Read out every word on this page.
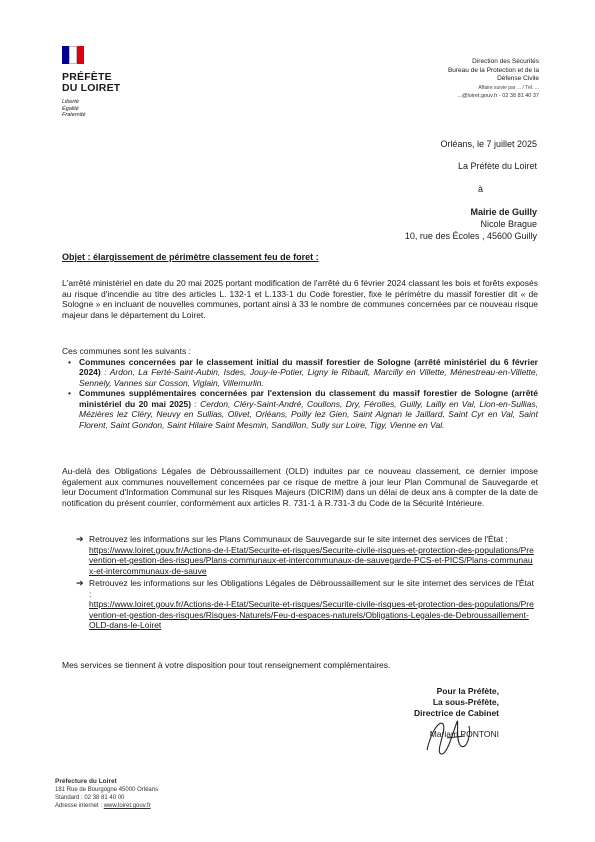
PRÉFÈTE
DU LOIRET
Liberté
Égalité
Fraternité
Direction des Sécurités
Bureau de la Protection et de la Défense Civile
Affaire suivie par ... / Tél. ...
...@loiret.gouv.fr - 02 38 81 40 37
Orléans, le 7 juillet 2025
La Préfète du Loiret
à
Mairie de Guilly
Nicole Brague
10, rue des Écoles , 45600 Guilly
Objet : élargissement de périmètre classement feu de foret :
L'arrêté ministériel en date du 20 mai 2025 portant modification de l'arrêté du 6 février 2024 classant les bois et forêts exposés au risque d'incendie au titre des articles L. 132-1 et L.133-1 du Code forestier, fixe le périmètre du massif forestier dit « de Sologne » en incluant de nouvelles communes, portant ainsi à 33 le nombre de communes concernées par ce nouveau risque majeur dans le département du Loiret.
Ces communes sont les suivants :
• Communes concernées par le classement initial du massif forestier de Sologne (arrêté ministériel du 6 février 2024) : Ardon, La Ferté-Saint-Aubin, Isdes, Jouy-le-Potier, Ligny le Ribault, Marcilly en Villette, Ménestreau-en-Villette, Sennely, Vannes sur Cosson, Viglain, Villemurlin.
• Communes supplémentaires concernées par l'extension du classement du massif forestier de Sologne (arrêté ministériel du 20 mai 2025) : Cerdon, Cléry-Saint-André, Coullons, Dry, Férolles, Guilly, Lailly en Val, Lion-en-Sullias, Mézières lez Cléry, Neuvy en Sullias, Olivet, Orléans, Poilly lez Gien, Saint Aignan le Jaillard, Saint Cyr en Val, Saint Florent, Saint Gondon, Saint Hilaire Saint Mesmin, Sandillon, Sully sur Loire, Tigy, Vienne en Val.
Au-delà des Obligations Légales de Débroussaillement (OLD) induites par ce nouveau classement, ce dernier impose également aux communes nouvellement concernées par ce risque de mettre à jour leur Plan Communal de Sauvegarde et leur Document d'Information Communal sur les Risques Majeurs (DICRIM) dans un délai de deux ans à compter de la date de notification du présent courrier, conformément aux articles R. 731-1 à R.731-3 du Code de la Sécurité Intérieure.
➔ Retrouvez les informations sur les Plans Communaux de Sauvegarde sur le site internet des services de l'État :
https://www.loiret.gouv.fr/Actions-de-l-Etat/Securite-et-risques/Securite-civile-risques-et-protection-des-populations/Prevention-et-gestion-des-risques/Plans-communaux-et-intercommunaux-de-sauvegarde-PCS-et-PICS/Plans-communaux-et-intercommunaux-de-sauve
➔ Retrouvez les informations sur les Obligations Légales de Débroussaillement sur le site internet des services de l'État :
https://www.loiret.gouv.fr/Actions-de-l-Etat/Securite-et-risques/Securite-civile-risques-et-protection-des-populations/Prevention-et-gestion-des-risques/Risques-Naturels/Feu-d-espaces-naturels/Obligations-Legales-de-Debroussaillement-OLD-dans-le-Loiret
Mes services se tiennent à votre disposition pour tout renseignement complémentaires.
Pour la Préfète,
La sous-Préfète,
Directrice de Cabinet
Mariam PONTONI
Préfecture du Loiret
181 Rue de Bourgogne 45000 Orléans
Standard : 02 38 81 40 00
Adresse internet : www.loiret.gouv.fr
